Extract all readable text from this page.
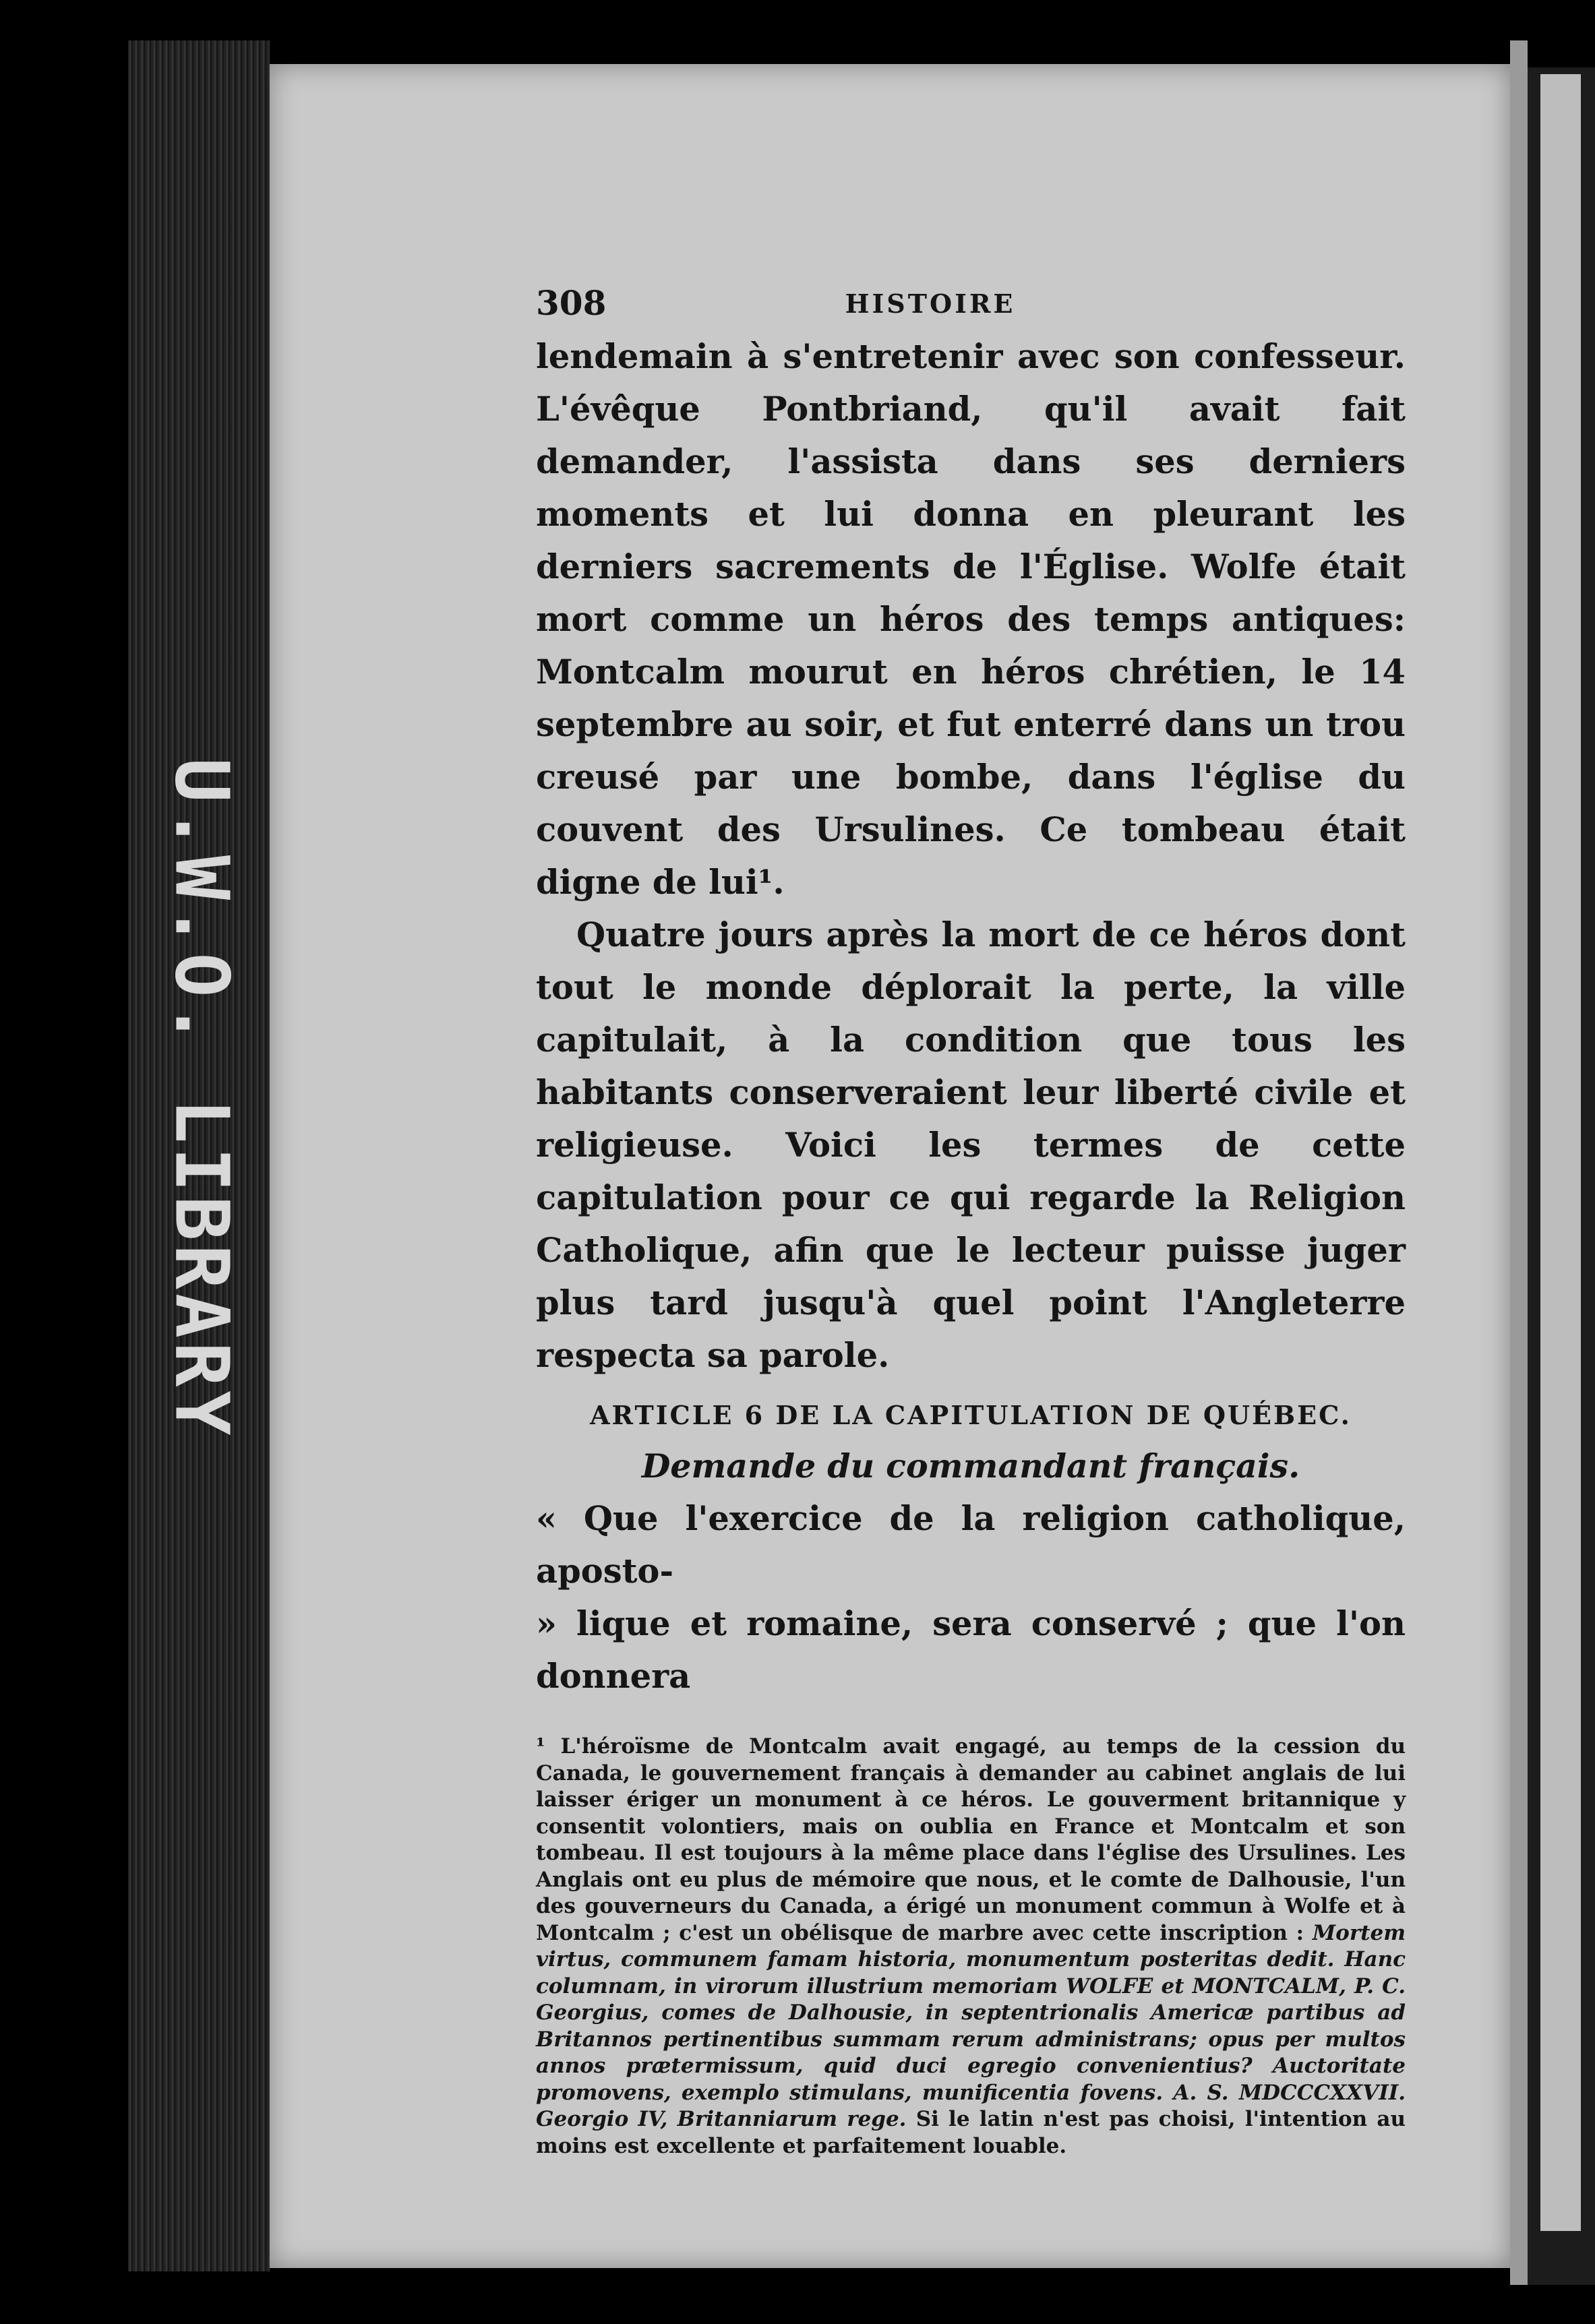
U.W.O. LIBRARY
308	HISTOIRE

lendemain à s'entretenir avec son confesseur. L'évêque Pontbriand, qu'il avait fait demander, l'assista dans ses derniers moments et lui donna en pleurant les derniers sacrements de l'Église. Wolfe était mort comme un héros des temps antiques: Montcalm mourut en héros chrétien, le 14 septembre au soir, et fut enterré dans un trou creusé par une bombe, dans l'église du couvent des Ursulines. Ce tombeau était digne de lui¹.

Quatre jours après la mort de ce héros dont tout le monde déplorait la perte, la ville capitulait, à la condition que tous les habitants conserveraient leur liberté civile et religieuse. Voici les termes de cette capitulation pour ce qui regarde la Religion Catholique, afin que le lecteur puisse juger plus tard jusqu'à quel point l'Angleterre respecta sa parole.

ARTICLE 6 DE LA CAPITULATION DE QUÉBEC.
Demande du commandant français.

« Que l'exercice de la religion catholique, aposto-

» lique et romaine, sera conservé ; que l'on donnera

¹ L'héroïsme de Montcalm avait engagé, au temps de la cession du Canada, le gouvernement français à demander au cabinet anglais de lui laisser ériger un monument à ce héros. Le gouverment britannique y consentit volontiers, mais on oublia en France et Montcalm et son tombeau. Il est toujours à la même place dans l'église des Ursulines. Les Anglais ont eu plus de mémoire que nous, et le comte de Dalhousie, l'un des gouverneurs du Canada, a érigé un monument commun à Wolfe et à Montcalm ; c'est un obélisque de marbre avec cette inscription : Mortem virtus, communem famam historia, monumentum posteritas dedit. Hanc columnam, in virorum illustrium memoriam WOLFE et MONTCALM, P. C. Georgius, comes de Dalhousie, in septentrionalis Americæ partibus ad Britannos pertinentibus summam rerum administrans; opus per multos annos prætermissum, quid duci egregio convenientius? Auctoritate promovens, exemplo stimulans, munificentia fovens. A. S. MDCCCXXVII. Georgio IV, Britanniarum rege. Si le latin n'est pas choisi, l'intention au moins est excellente et parfaitement louable.
